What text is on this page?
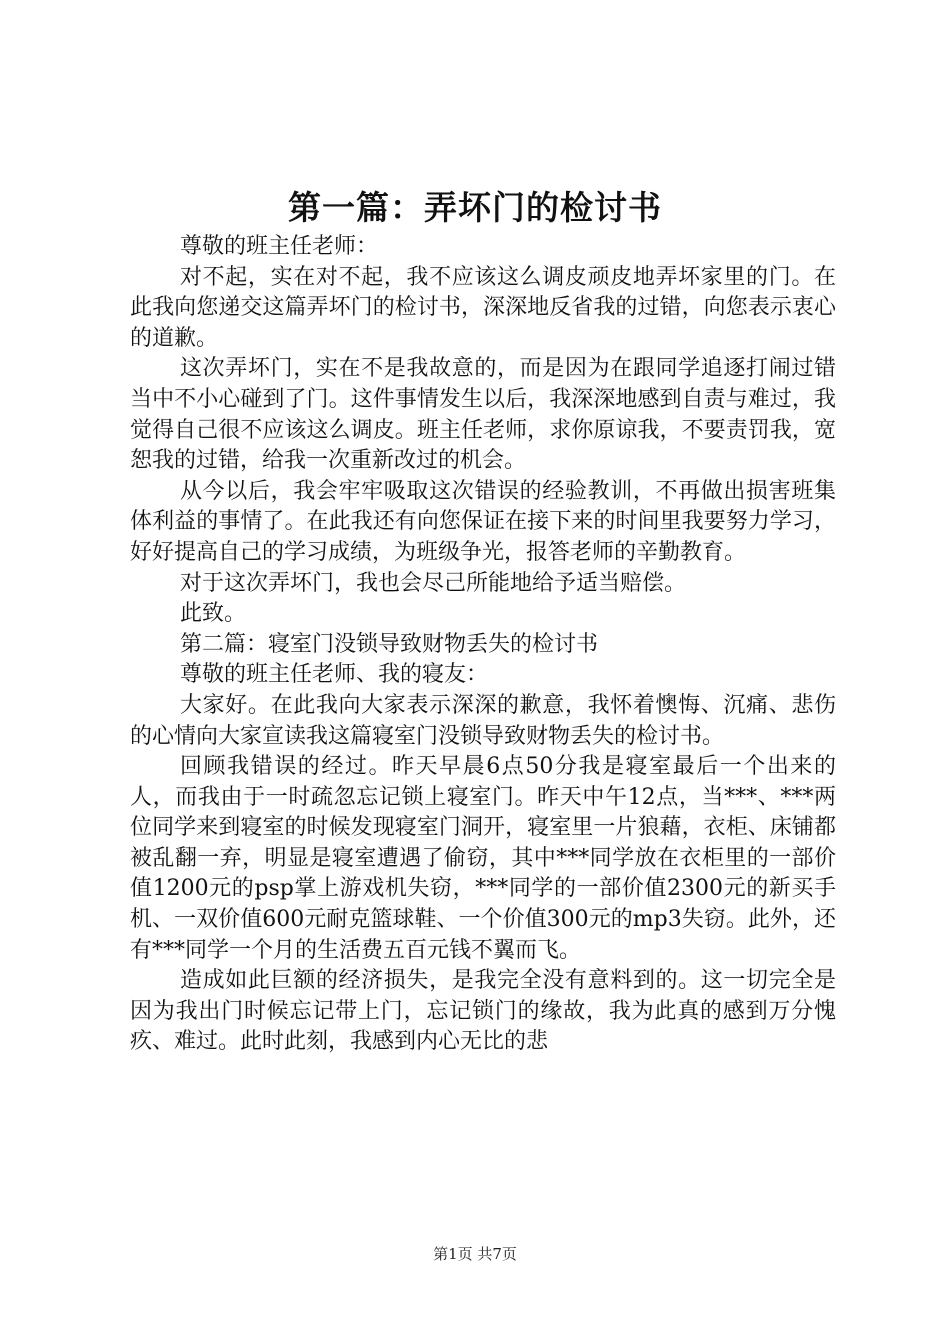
第一篇：弄坏门的检讨书

尊敬的班主任老师：

对不起，实在对不起，我不应该这么调皮顽皮地弄坏家里的门。在此我向您递交这篇弄坏门的检讨书，深深地反省我的过错，向您表示衷心的道歉。

这次弄坏门，实在不是我故意的，而是因为在跟同学追逐打闹过错当中不小心碰到了门。这件事情发生以后，我深深地感到自责与难过，我觉得自己很不应该这么调皮。班主任老师，求你原谅我，不要责罚我，宽恕我的过错，给我一次重新改过的机会。

从今以后，我会牢牢吸取这次错误的经验教训，不再做出损害班集体利益的事情了。在此我还有向您保证在接下来的时间里我要努力学习，好好提高自己的学习成绩，为班级争光，报答老师的辛勤教育。

对于这次弄坏门，我也会尽己所能地给予适当赔偿。

此致。

第二篇：寝室门没锁导致财物丢失的检讨书

尊敬的班主任老师、我的寝友：

大家好。在此我向大家表示深深的歉意，我怀着懊悔、沉痛、悲伤的心情向大家宣读我这篇寝室门没锁导致财物丢失的检讨书。

回顾我错误的经过。昨天早晨6点50分我是寝室最后一个出来的人，而我由于一时疏忽忘记锁上寝室门。昨天中午12点，当***、***两位同学来到寝室的时候发现寝室门洞开，寝室里一片狼藉，衣柜、床铺都被乱翻一弃，明显是寝室遭遇了偷窃，其中***同学放在衣柜里的一部价值1200元的psp掌上游戏机失窃，***同学的一部价值2300元的新买手机、一双价值600元耐克篮球鞋、一个价值300元的mp3失窃。此外，还有***同学一个月的生活费五百元钱不翼而飞。

造成如此巨额的经济损失，是我完全没有意料到的。这一切完全是因为我出门时候忘记带上门，忘记锁门的缘故，我为此真的感到万分愧疚、难过。此时此刻，我感到内心无比的悲

第1页 共7页
